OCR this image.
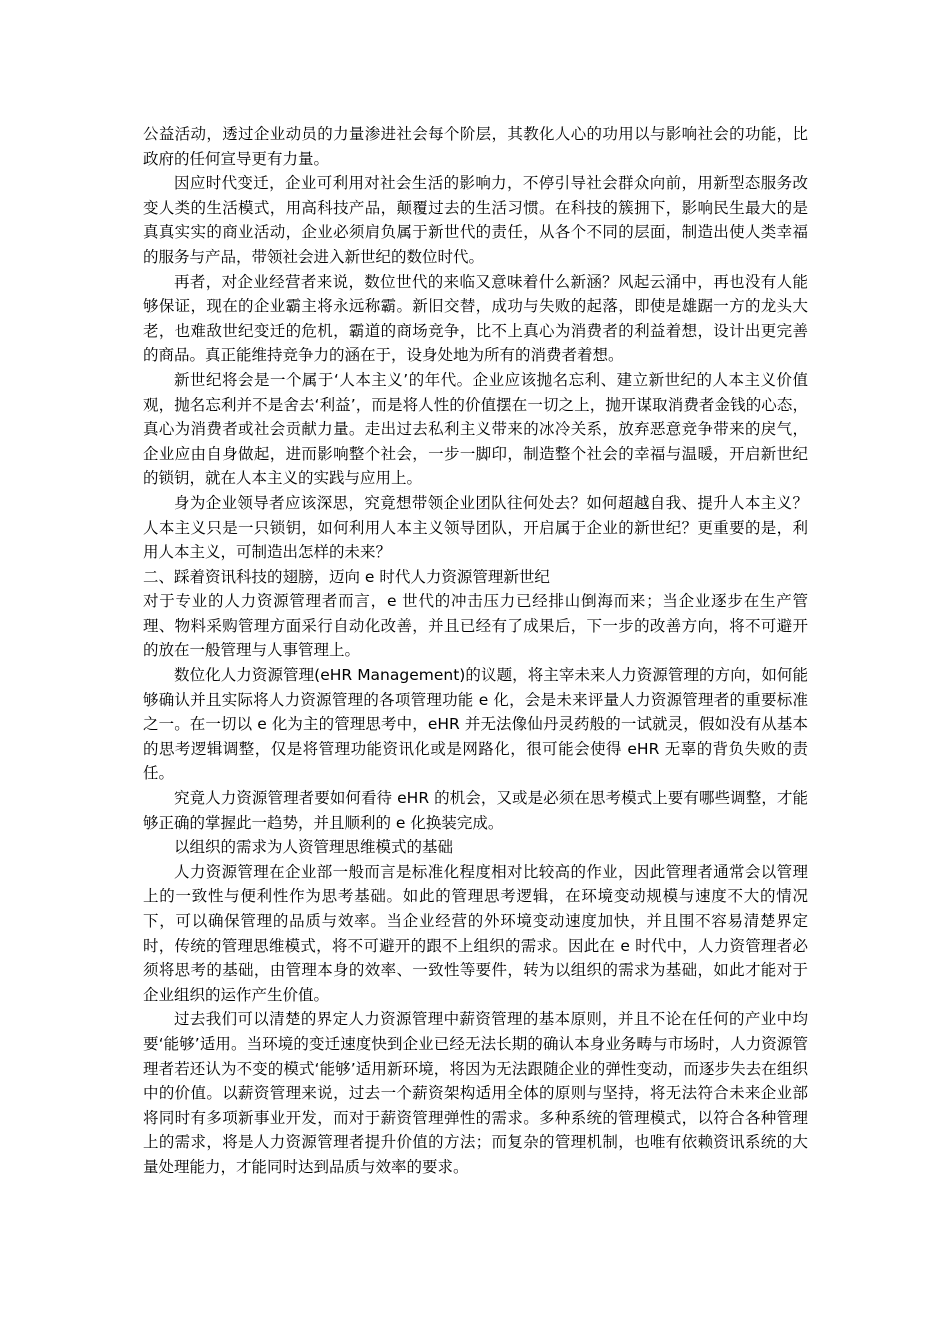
公益活动，透过企业动员的力量渗进社会每个阶层，其教化人心的功用以与影响社会的功能，比政府的任何宣导更有力量。

因应时代变迁，企业可利用对社会生活的影响力，不停引导社会群众向前，用新型态服务改变人类的生活模式，用高科技产品，颠覆过去的生活习惯。在科技的簇拥下，影响民生最大的是真真实实的商业活动，企业必须肩负属于新世代的责任，从各个不同的层面，制造出使人类幸福的服务与产品，带领社会进入新世纪的数位时代。

再者，对企业经营者来说，数位世代的来临又意味着什么新涵？风起云涌中，再也没有人能够保证，现在的企业霸主将永远称霸。新旧交替，成功与失败的起落，即使是雄踞一方的龙头大老，也难敌世纪变迁的危机，霸道的商场竞争，比不上真心为消费者的利益着想，设计出更完善的商品。真正能维持竞争力的涵在于，设身处地为所有的消费者着想。

新世纪将会是一个属于‘人本主义’的年代。企业应该抛名忘利、建立新世纪的人本主义价值观，抛名忘利并不是舍去‘利益’，而是将人性的价值摆在一切之上，抛开谋取消费者金钱的心态，真心为消费者或社会贡献力量。走出过去私利主义带来的冰冷关系，放弃恶意竞争带来的戾气，企业应由自身做起，进而影响整个社会，一步一脚印，制造整个社会的幸福与温暖，开启新世纪的锁钥，就在人本主义的实践与应用上。

身为企业领导者应该深思，究竟想带领企业团队往何处去？如何超越自我、提升人本主义？人本主义只是一只锁钥，如何利用人本主义领导团队，开启属于企业的新世纪？更重要的是，利用人本主义，可制造出怎样的未来？

二、踩着资讯科技的翅膀，迈向 e 时代人力资源管理新世纪

对于专业的人力资源管理者而言，e 世代的冲击压力已经排山倒海而来；当企业逐步在生产管理、物料采购管理方面采行自动化改善，并且已经有了成果后，下一步的改善方向，将不可避开的放在一般管理与人事管理上。

数位化人力资源管理(eHR Management)的议题，将主宰未来人力资源管理的方向，如何能够确认并且实际将人力资源管理的各项管理功能 e 化，会是未来评量人力资源管理者的重要标准之一。在一切以 e 化为主的管理思考中，eHR 并无法像仙丹灵药般的一试就灵，假如没有从基本的思考逻辑调整，仅是将管理功能资讯化或是网路化，很可能会使得 eHR 无辜的背负失败的责任。

究竟人力资源管理者要如何看待 eHR 的机会，又或是必须在思考模式上要有哪些调整，才能够正确的掌握此一趋势，并且顺利的 e 化换装完成。

以组织的需求为人资管理思维模式的基础

人力资源管理在企业部一般而言是标准化程度相对比较高的作业，因此管理者通常会以管理上的一致性与便利性作为思考基础。如此的管理思考逻辑，在环境变动规模与速度不大的情况下，可以确保管理的品质与效率。当企业经营的外环境变动速度加快，并且围不容易清楚界定时，传统的管理思维模式，将不可避开的跟不上组织的需求。因此在 e 时代中，人力资管理者必须将思考的基础，由管理本身的效率、一致性等要件，转为以组织的需求为基础，如此才能对于企业组织的运作产生价值。

过去我们可以清楚的界定人力资源管理中薪资管理的基本原则，并且不论在任何的产业中均要‘能够’适用。当环境的变迁速度快到企业已经无法长期的确认本身业务畴与市场时，人力资源管理者若还认为不变的模式‘能够’适用新环境，将因为无法跟随企业的弹性变动，而逐步失去在组织中的价值。以薪资管理来说，过去一个薪资架构适用全体的原则与坚持，将无法符合未来企业部将同时有多项新事业开发，而对于薪资管理弹性的需求。多种系统的管理模式，以符合各种管理上的需求，将是人力资源管理者提升价值的方法；而复杂的管理机制，也唯有依赖资讯系统的大量处理能力，才能同时达到品质与效率的要求。
